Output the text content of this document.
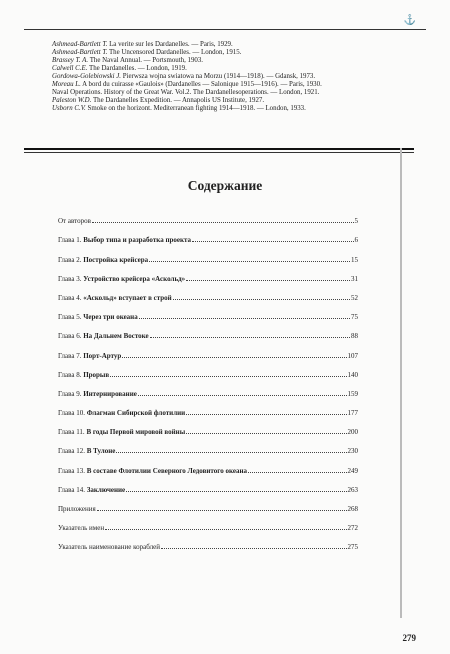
⚓
Ashmead-Bartlett T. La verite sur les Dardanelles. — Paris, 1929.
Ashmead-Bartlett T. The Uncensored Dardanelles. — London, 1915.
Brassey T. A. The Naval Annual. — Portsmouth, 1903.
Calwell C.E. The Dardanelles. — London, 1919.
Gordowa-Golebiowski J. Pierwsza wojna swiatowa na Morzu (1914—1918). — Gdansk, 1973.
Moreau L. A bord du cuirasse «Gaulois» (Dardanelles — Salonique 1915—1916). — Paris, 1930.
Naval Operations. History of the Great War. Vol.2. The Dardanellesoperations. — London, 1921.
Paleston W.D. The Dardanelles Expedition. — Annapolis US Institute, 1927.
Usborn C.V. Smoke on the horizont. Mediterranean fighting 1914—1918. — London, 1933.
Содержание
От авторов	5
Глава 1. Выбор типа и разработка проекта	6
Глава 2. Постройка крейсера	15
Глава 3. Устройство крейсера «Аскольд»	31
Глава 4. «Аскольд» вступает в строй	52
Глава 5. Через три океана	75
Глава 6. На Дальнем Востоке	88
Глава 7. Порт-Артур	107
Глава 8. Прорыв	140
Глава 9. Интернирование	159
Глава 10. Флагман Сибирской флотилии	177
Глава 11. В годы Первой мировой войны	200
Глава 12. В Тулоне	230
Глава 13. В составе Флотилии Северного Ледовитого океана	249
Глава 14. Заключение	263
Приложения	268
Указатель имен	272
Указатель наименование кораблей	275
279
